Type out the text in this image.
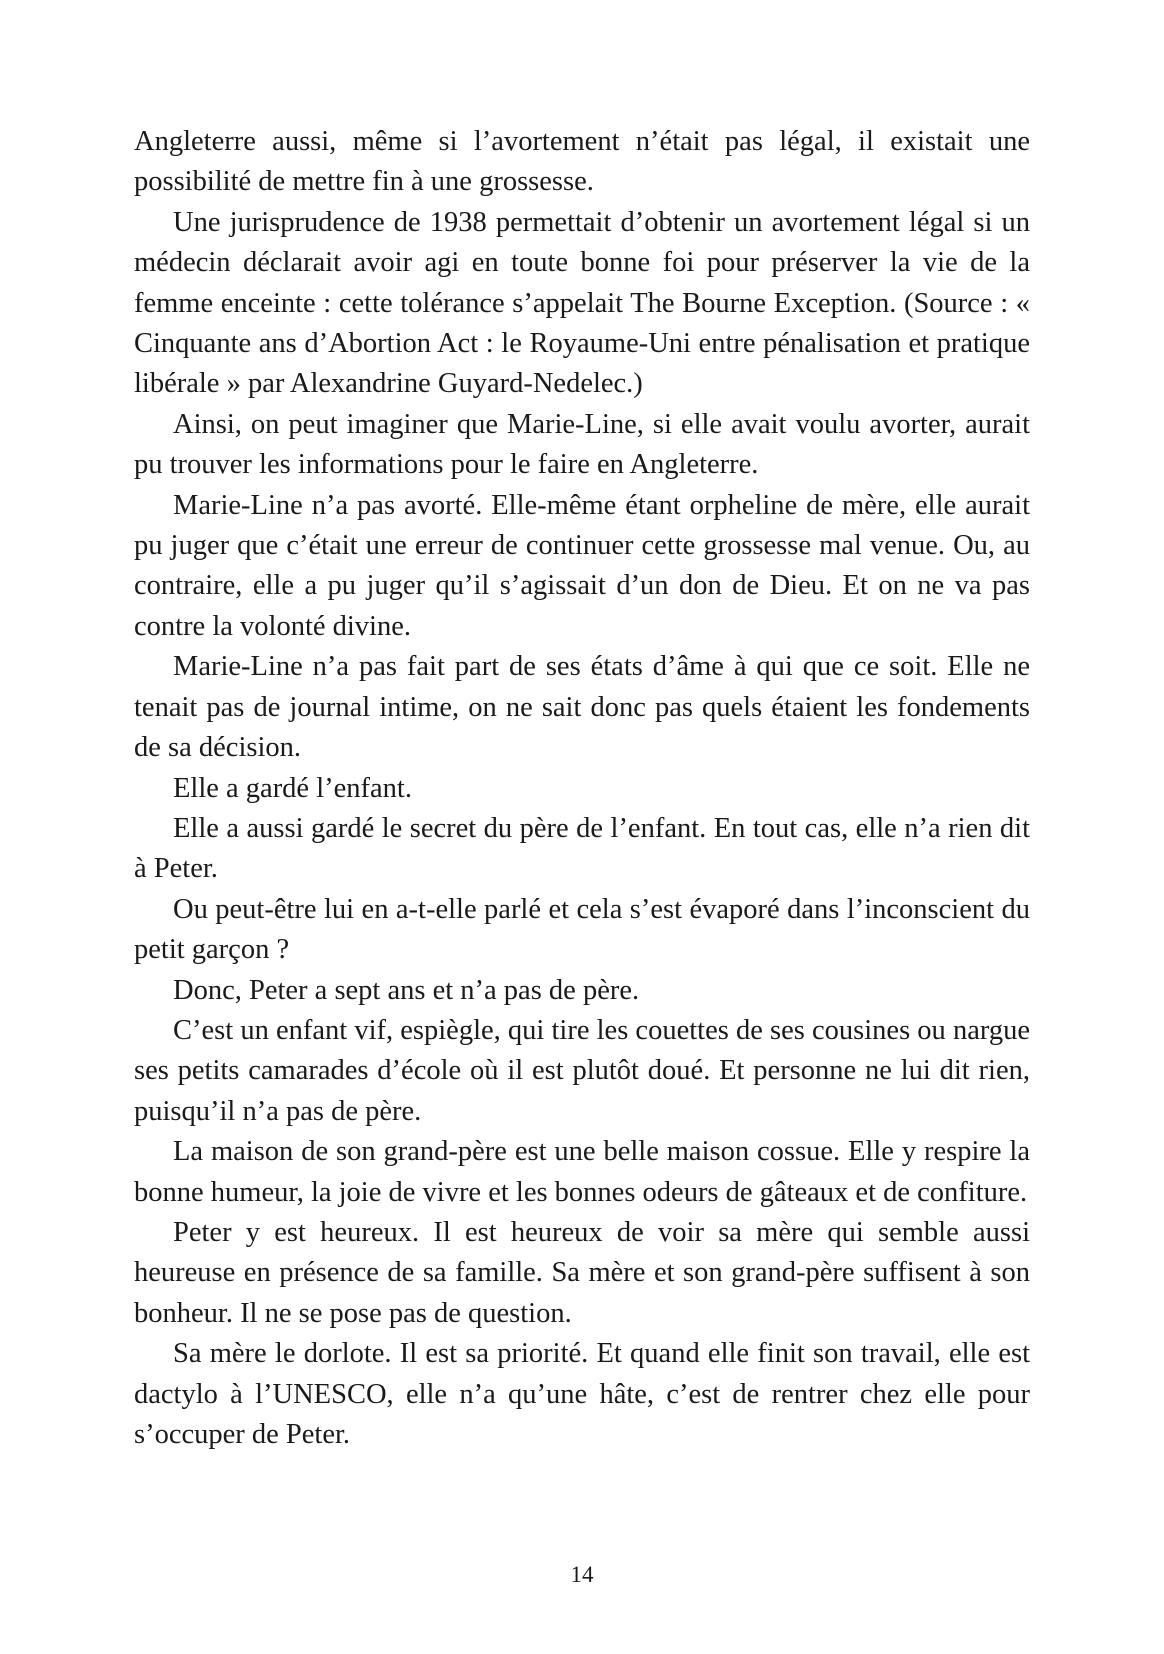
Angleterre aussi, même si l’avortement n’était pas légal, il existait une possibilité de mettre fin à une grossesse.

Une jurisprudence de 1938 permettait d’obtenir un avortement légal si un médecin déclarait avoir agi en toute bonne foi pour préserver la vie de la femme enceinte : cette tolérance s’appelait The Bourne Exception. (Source : « Cinquante ans d’Abortion Act : le Royaume-Uni entre pénalisation et pratique libérale » par Alexandrine Guyard-Nedelec.)

Ainsi, on peut imaginer que Marie-Line, si elle avait voulu avorter, aurait pu trouver les informations pour le faire en Angleterre.

Marie-Line n’a pas avorté. Elle-même étant orpheline de mère, elle aurait pu juger que c’était une erreur de continuer cette grossesse mal venue. Ou, au contraire, elle a pu juger qu’il s’agissait d’un don de Dieu. Et on ne va pas contre la volonté divine.

Marie-Line n’a pas fait part de ses états d’âme à qui que ce soit. Elle ne tenait pas de journal intime, on ne sait donc pas quels étaient les fondements de sa décision.

Elle a gardé l’enfant.

Elle a aussi gardé le secret du père de l’enfant. En tout cas, elle n’a rien dit à Peter.

Ou peut-être lui en a-t-elle parlé et cela s’est évaporé dans l’inconscient du petit garçon ?

Donc, Peter a sept ans et n’a pas de père.

C’est un enfant vif, espiègle, qui tire les couettes de ses cousines ou nargue ses petits camarades d’école où il est plutôt doué. Et personne ne lui dit rien, puisqu’il n’a pas de père.

La maison de son grand-père est une belle maison cossue. Elle y respire la bonne humeur, la joie de vivre et les bonnes odeurs de gâteaux et de confiture.

Peter y est heureux. Il est heureux de voir sa mère qui semble aussi heureuse en présence de sa famille. Sa mère et son grand-père suffisent à son bonheur. Il ne se pose pas de question.

Sa mère le dorlote. Il est sa priorité. Et quand elle finit son travail, elle est dactylo à l’UNESCO, elle n’a qu’une hâte, c’est de rentrer chez elle pour s’occuper de Peter.

14
